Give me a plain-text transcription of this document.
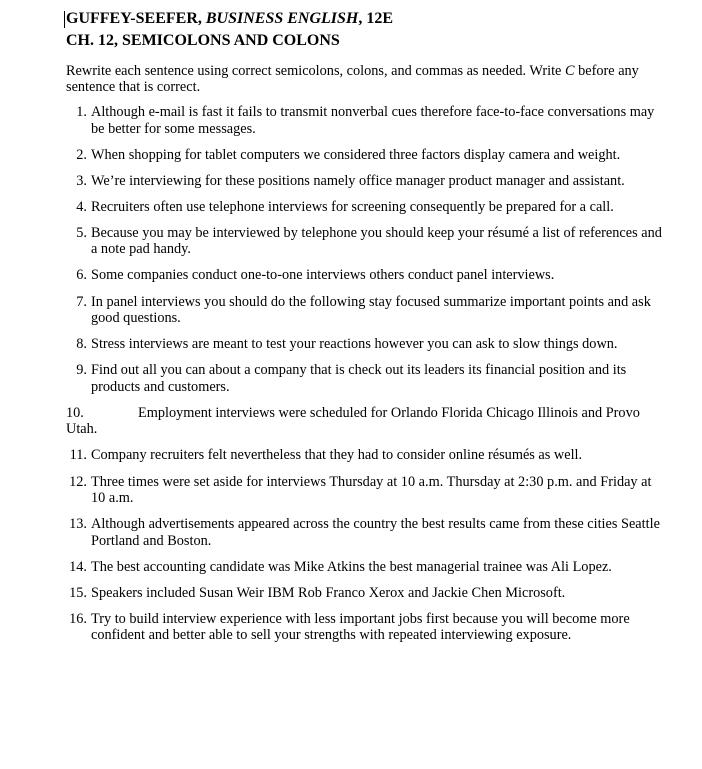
GUFFEY-SEEFER, BUSINESS ENGLISH, 12E
CH. 12, SEMICOLONS AND COLONS

Rewrite each sentence using correct semicolons, colons, and commas as needed. Write C before any sentence that is correct.

1. Although e-mail is fast it fails to transmit nonverbal cues therefore face-to-face conversations may be better for some messages.
2. When shopping for tablet computers we considered three factors display camera and weight.
3. We’re interviewing for these positions namely office manager product manager and assistant.
4. Recruiters often use telephone interviews for screening consequently be prepared for a call.
5. Because you may be interviewed by telephone you should keep your résumé a list of references and a note pad handy.
6. Some companies conduct one-to-one interviews others conduct panel interviews.
7. In panel interviews you should do the following stay focused summarize important points and ask good questions.
8. Stress interviews are meant to test your reactions however you can ask to slow things down.
9. Find out all you can about a company that is check out its leaders its financial position and its products and customers.
10.	Employment interviews were scheduled for Orlando Florida Chicago Illinois and Provo Utah.
11. Company recruiters felt nevertheless that they had to consider online résumés as well.
12. Three times were set aside for interviews Thursday at 10 a.m. Thursday at 2:30 p.m. and Friday at 10 a.m.
13. Although advertisements appeared across the country the best results came from these cities Seattle Portland and Boston.
14. The best accounting candidate was Mike Atkins the best managerial trainee was Ali Lopez.
15. Speakers included Susan Weir IBM Rob Franco Xerox and Jackie Chen Microsoft.
16. Try to build interview experience with less important jobs first because you will become more confident and better able to sell your strengths with repeated interviewing exposure.
